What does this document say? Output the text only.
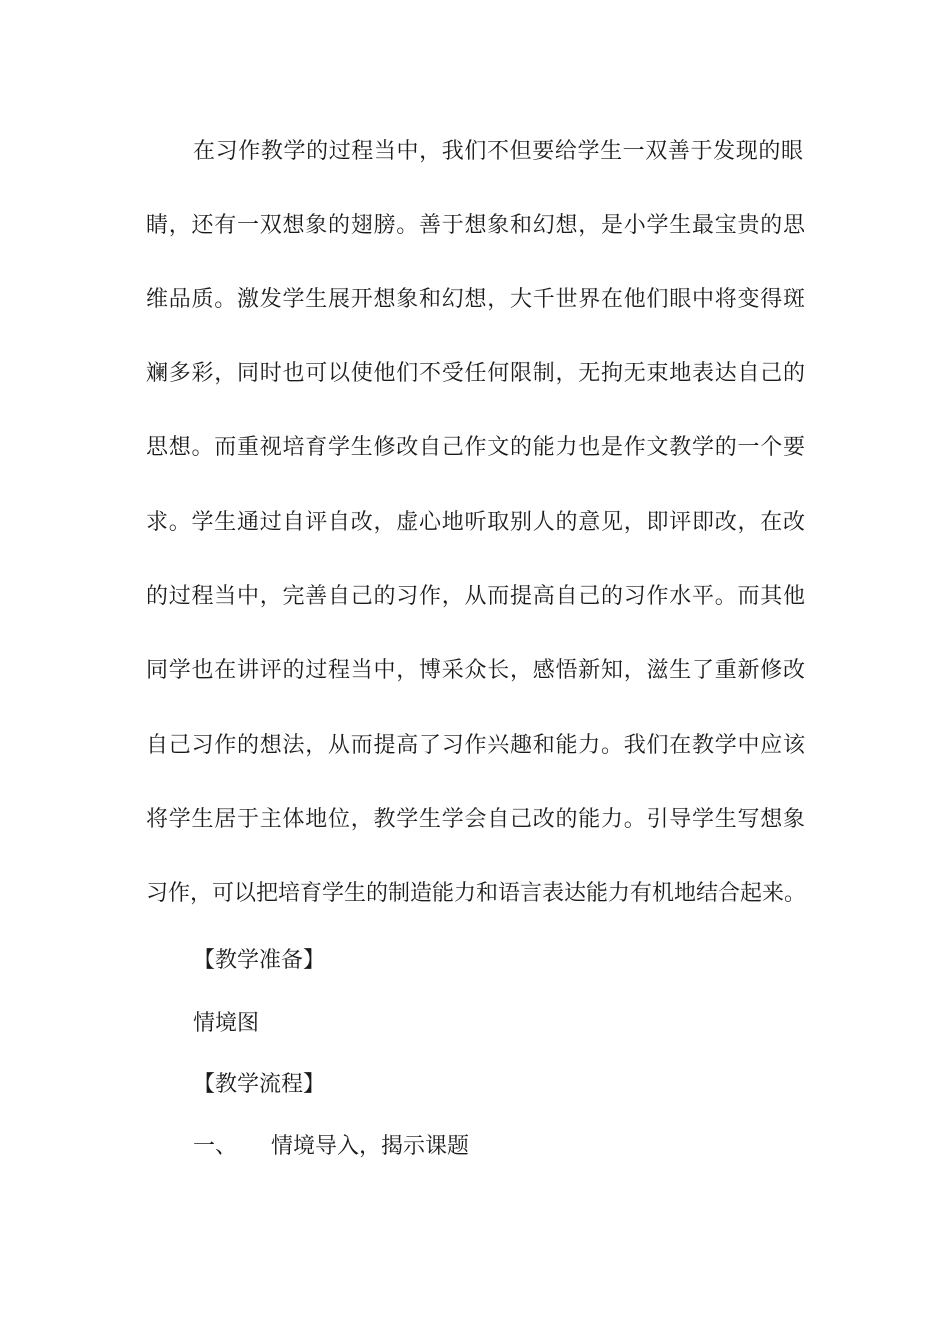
在习作教学的过程当中，我们不但要给学生一双善于发现的眼
睛，还有一双想象的翅膀。善于想象和幻想，是小学生最宝贵的思
维品质。激发学生展开想象和幻想，大千世界在他们眼中将变得斑
斓多彩，同时也可以使他们不受任何限制，无拘无束地表达自己的
思想。而重视培育学生修改自己作文的能力也是作文教学的一个要
求。学生通过自评自改，虚心地听取别人的意见，即评即改，在改
的过程当中，完善自己的习作，从而提高自己的习作水平。而其他
同学也在讲评的过程当中，博采众长，感悟新知，滋生了重新修改
自己习作的想法，从而提高了习作兴趣和能力。我们在教学中应该
将学生居于主体地位，教学生学会自己改的能力。引导学生写想象
习作，可以把培育学生的制造能力和语言表达能力有机地结合起来。
【教学准备】
情境图
【教学流程】
一、 情境导入，揭示课题
